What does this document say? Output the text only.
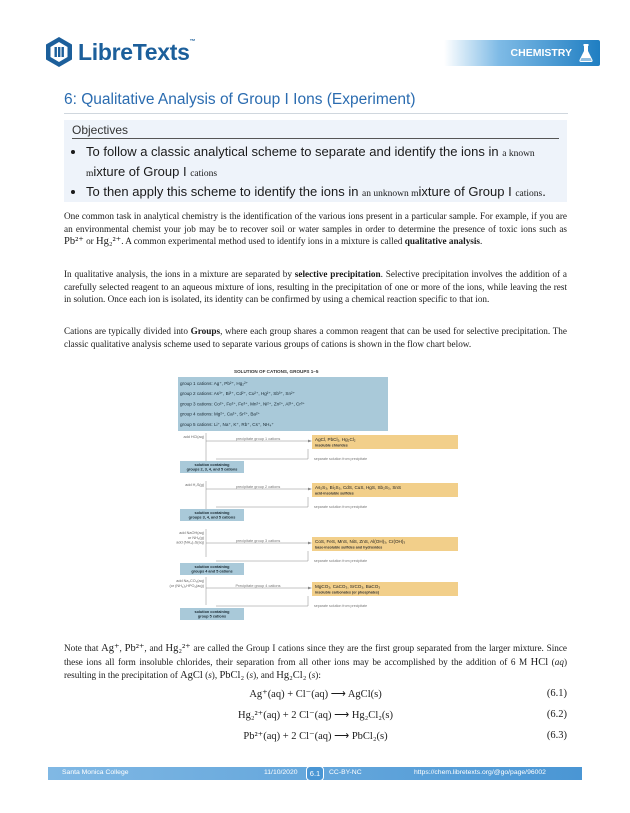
LibreTexts™
CHEMISTRY
6: Qualitative Analysis of Group I Ions (Experiment)
Objectives
• To follow a classic analytical scheme to separate and identify the ions in a known mixture of Group I cations
• To then apply this scheme to identify the ions in an unknown mixture of Group I cations.

One common task in analytical chemistry is the identification of the various ions present in a particular sample. For example, if you are an environmental chemist your job may be to recover soil or water samples in order to determine the presence of toxic ions such as Pb²⁺ or Hg₂²⁺. A common experimental method used to identify ions in a mixture is called qualitative analysis.

In qualitative analysis, the ions in a mixture are separated by selective precipitation. Selective precipitation involves the addition of a carefully selected reagent to an aqueous mixture of ions, resulting in the precipitation of one or more of the ions, while leaving the rest in solution. Once each ion is isolated, its identity can be confirmed by using a chemical reaction specific to that ion.

Cations are typically divided into Groups, where each group shares a common reagent that can be used for selective precipitation. The classic qualitative analysis scheme used to separate various groups of cations is shown in the flow chart below.

SOLUTION OF CATIONS, GROUPS 1–5
group 1 cations: Ag⁺, Pb²⁺, Hg₂²⁺
group 2 cations: As³⁺, Bi³⁺, Cd²⁺, Cu²⁺, Hg²⁺, Sb³⁺, Sn²⁺
group 3 cations: Co²⁺, Fe²⁺, Fe³⁺, Mn²⁺, Ni²⁺, Zn²⁺, Al³⁺, Cr³⁺
group 4 cations: Mg²⁺, Ca²⁺, Sr²⁺, Ba²⁺
group 5 cations: Li⁺, Na⁺, K⁺, Rb⁺, Cs⁺, NH₄⁺
add HCl(aq)	precipitate group 1 cations	AgCl, PbCl₂, Hg₂Cl₂
insoluble chlorides
separate solution from precipitate
solution containing
groups 2, 3, 4, and 5 cations
add H₂S(g)	precipitate group 2 cations	As₂S₃, Bi₂S₃, CdS, CuS, HgS, Sb₂S₃, SnS
acid-insoluble sulfides
separate solution from precipitate
solution containing
groups 3, 4, and 5 cations
add NaOH(aq)
or NH₃(g)
add (NH₄)₂S(aq)	precipitate group 3 cations	CoS, FeS, MnS, NiS, ZnS, Al(OH)₃, Cr(OH)₃
base-insoluble sulfides and hydroxides
separate solution from precipitate
solution containing
groups 4 and 5 cations
add Na₂CO₃(aq)
(or (NH₄)₂HPO₄(aq))	Precipitate group 4 cations	MgCO₃, CaCO₃, SrCO₃, BaCO₃
insoluble carbonates (or phosphates)
separate solution from precipitate
solution containing
group 5 cations

Note that Ag⁺, Pb²⁺, and Hg₂²⁺ are called the Group I cations since they are the first group separated from the larger mixture. Since these ions all form insoluble chlorides, their separation from all other ions may be accomplished by the addition of 6 M HCl (aq) resulting in the precipitation of AgCl (s), PbCl₂ (s), and Hg₂Cl₂ (s):

Ag⁺(aq) + Cl⁻(aq) ⟶ AgCl(s)	(6.1)
Hg₂²⁺(aq) + 2 Cl⁻(aq) ⟶ Hg₂Cl₂(s)	(6.2)
Pb²⁺(aq) + 2 Cl⁻(aq) ⟶ PbCl₂(s)	(6.3)
Santa Monica College	11/10/2020	6.1	CC-BY-NC	https://chem.libretexts.org/@go/page/96002
